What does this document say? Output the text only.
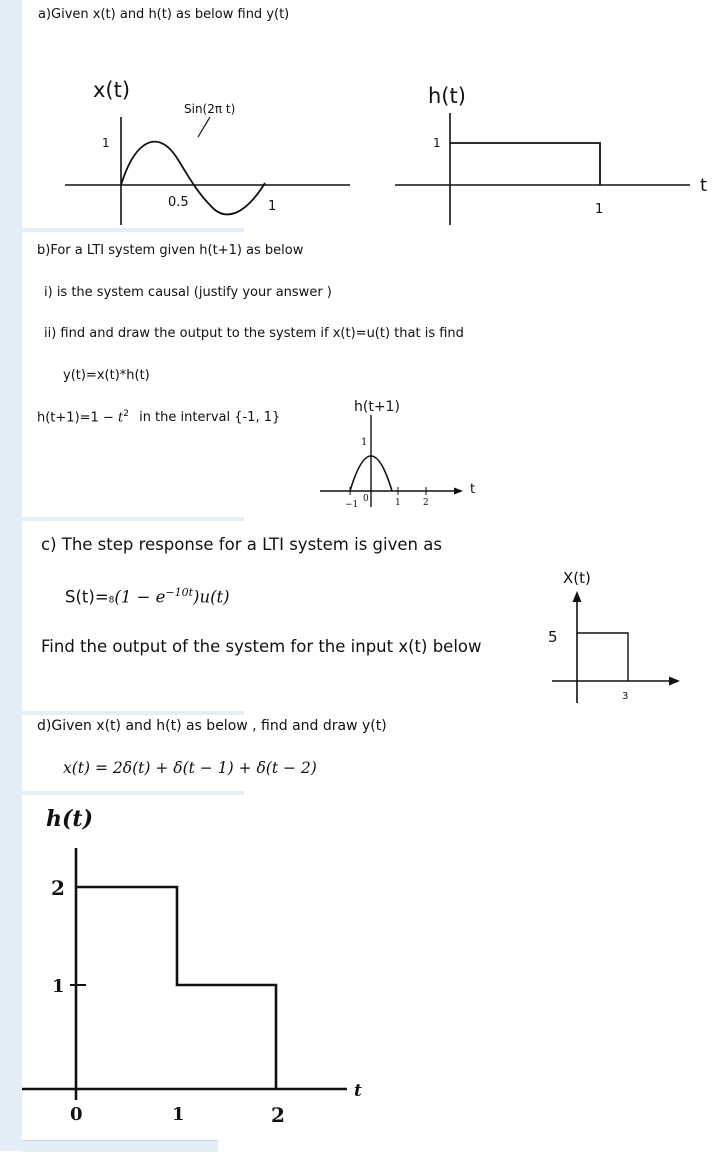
a)Given x(t) and h(t) as below find y(t)
x(t)
Sin(2π t)
1
0.5	1
h(t)
1
1
t
b)For a LTI system given h(t+1) as below
i) is the system causal (justify your answer )
ii) find and draw the output to the system if x(t)=u(t) that is find
y(t)=x(t)*h(t)
$h(t+1)=1 - t^2$ in the interval {-1, 1}
h(t+1)
1
−1
0	1 2
t
c) The step response for a LTI system is given as
$S(t)=8(1 - e^{-10t})u(t)$
Find the output of the system for the input x(t) below
X(t)
5
3
d)Given x(t) and h(t) as below , find and draw y(t)
x(t) = 2δ(t) + δ(t − 1) + δ(t − 2)
h(t)
2
1
0	1	2
t
